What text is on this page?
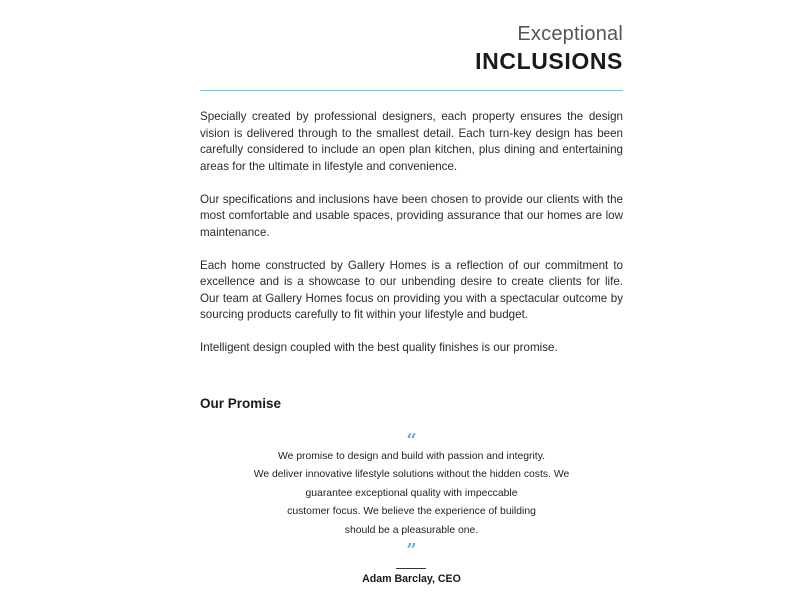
Exceptional
INCLUSIONS

Specially created by professional designers, each property ensures the design vision is delivered through to the smallest detail. Each turn-key design has been carefully considered to include an open plan kitchen, plus dining and entertaining areas for the ultimate in lifestyle and convenience.

Our specifications and inclusions have been chosen to provide our clients with the most comfortable and usable spaces, providing assurance that our homes are low maintenance.

Each home constructed by Gallery Homes is a reflection of our commitment to excellence and is a showcase to our unbending desire to create clients for life. Our team at Gallery Homes focus on providing you with a spectacular outcome by sourcing products carefully to fit within your lifestyle and budget.

Intelligent design coupled with the best quality finishes is our promise.

Our Promise
“
We promise to design and build with passion and integrity.
We deliver innovative lifestyle solutions without the hidden costs. We
guarantee exceptional quality with impeccable
customer focus. We believe the experience of building
should be a pleasurable one.
”
Adam Barclay, CEO
